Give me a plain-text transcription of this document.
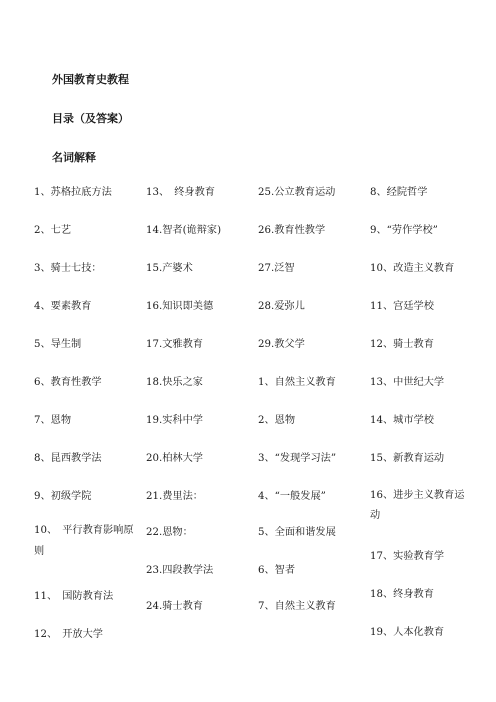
外国教育史教程
目录（及答案）
名词解释
1、苏格拉底方法
2、七艺
3、骑士七技：
4、要素教育
5、导生制
6、教育性教学
7、恩物
8、昆西教学法
9、初级学院
10、　平行教育影响原则
11、　国防教育法
12、　开放大学
13、　终身教育
14.智者(诡辩家)
15.产婆术
16.知识即美德
17.文雅教育
18.快乐之家
19.实科中学
20.柏林大学
21.费里法：
22.恩物：
23.四段教学法
24.骑士教育
25.公立教育运动
26.教育性教学
27.泛智
28.爱弥儿
29.教父学
1、自然主义教育
2、恩物
3、“发现学习法”
4、“一般发展”
5、全面和谐发展
6、智者
7、自然主义教育
8、经院哲学
9、“劳作学校”
10、改造主义教育
11、宫廷学校
12、骑士教育
13、中世纪大学
14、城市学校
15、新教育运动
16、进步主义教育运动
17、实验教育学
18、终身教育
19、人本化教育
